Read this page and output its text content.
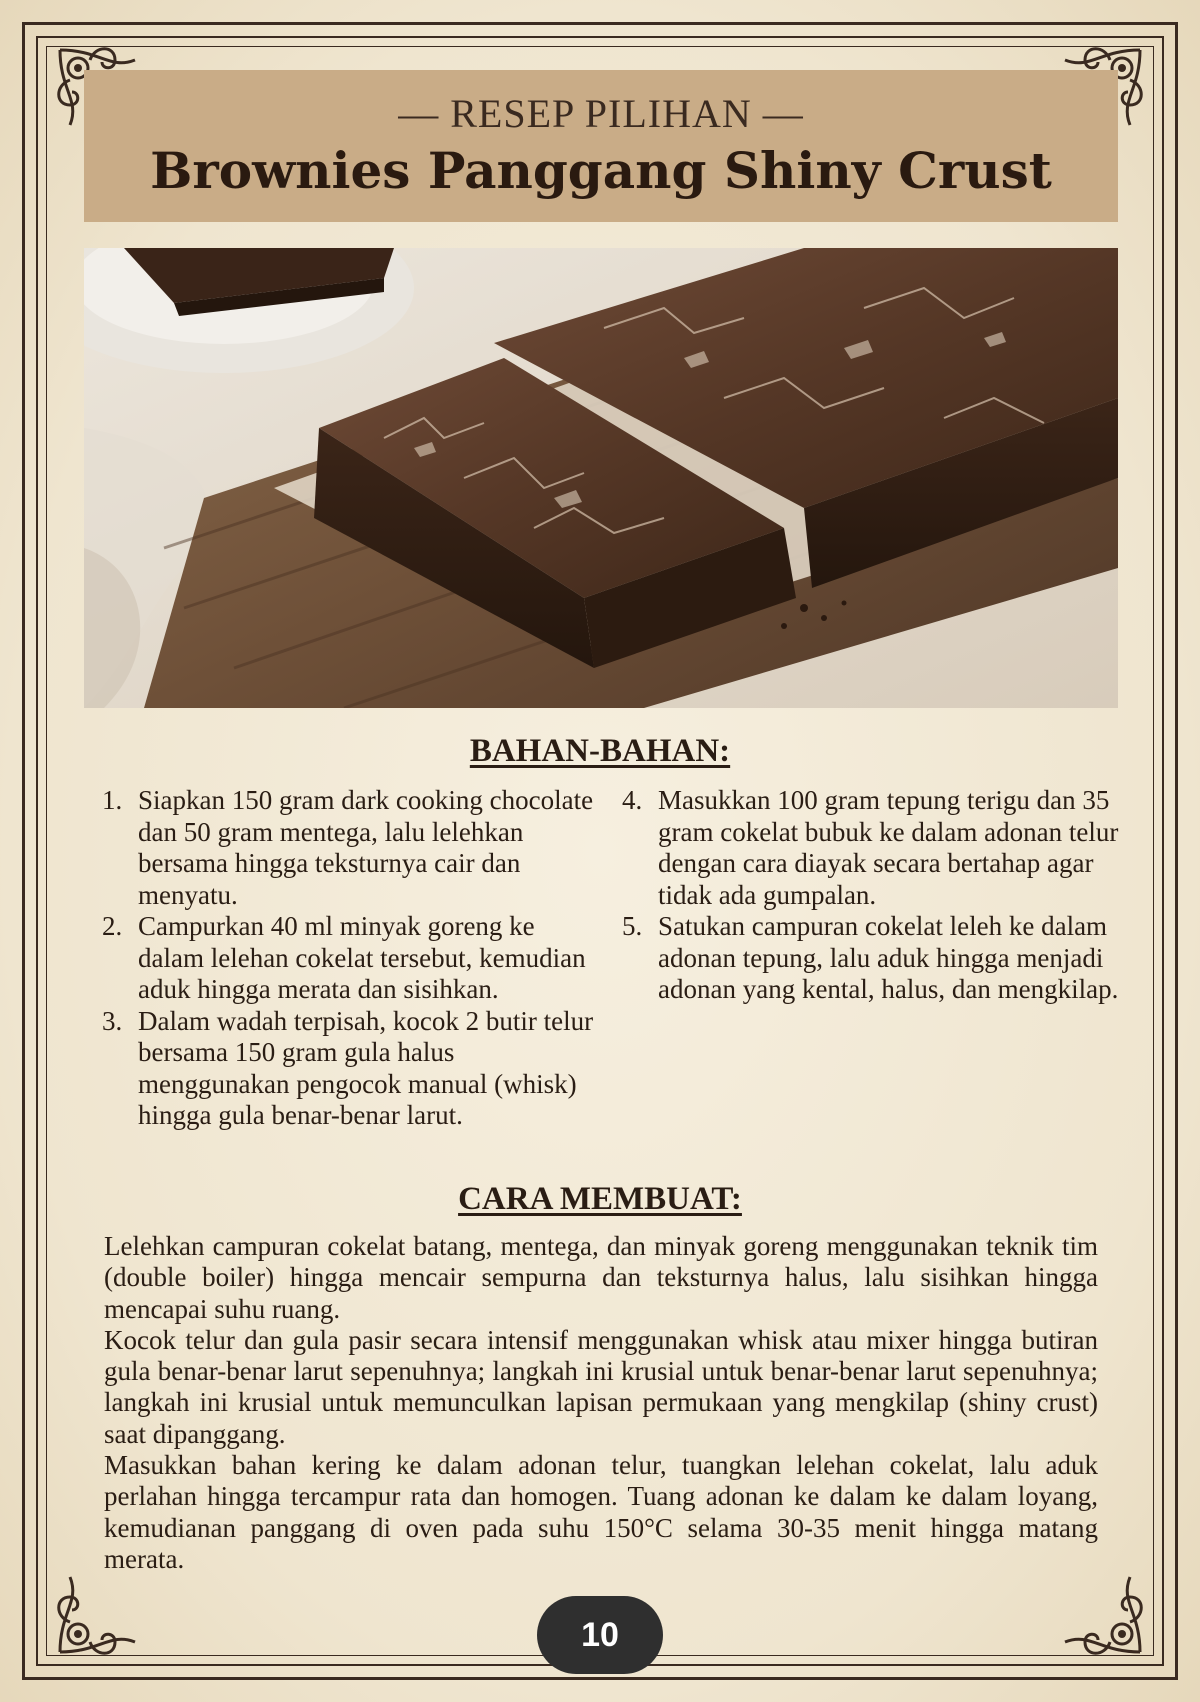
— RESEP PILIHAN —
Brownies Panggang Shiny Crust
BAHAN-BAHAN:
1. Siapkan 150 gram dark cooking chocolate dan 50 gram mentega, lalu lelehkan bersama hingga teksturnya cair dan menyatu.
2. Campurkan 40 ml minyak goreng ke dalam lelehan cokelat tersebut, kemudian aduk hingga merata dan sisihkan.
3. Dalam wadah terpisah, kocok 2 butir telur bersama 150 gram gula halus menggunakan pengocok manual (whisk) hingga gula benar-benar larut.
4. Masukkan 100 gram tepung terigu dan 35 gram cokelat bubuk ke dalam adonan telur dengan cara diayak secara bertahap agar tidak ada gumpalan.
5. Satukan campuran cokelat leleh ke dalam adonan tepung, lalu aduk hingga menjadi adonan yang kental, halus, dan mengkilap.
CARA MEMBUAT:

Lelehkan campuran cokelat batang, mentega, dan minyak goreng menggunakan teknik tim (double boiler) hingga mencair sempurna dan teksturnya halus, lalu sisihkan hingga mencapai suhu ruang.

Kocok telur dan gula pasir secara intensif menggunakan whisk atau mixer hingga butiran gula benar-benar larut sepenuhnya; langkah ini krusial untuk benar-benar larut sepenuhnya; langkah ini krusial untuk memunculkan lapisan permukaan yang mengkilap (shiny crust) saat dipanggang.

Masukkan bahan kering ke dalam adonan telur, tuangkan lelehan cokelat, lalu aduk perlahan hingga tercampur rata dan homogen. Tuang adonan ke dalam ke dalam loyang, kemudianan panggang di oven pada suhu 150°C selama 30-35 menit hingga matang merata.

10
